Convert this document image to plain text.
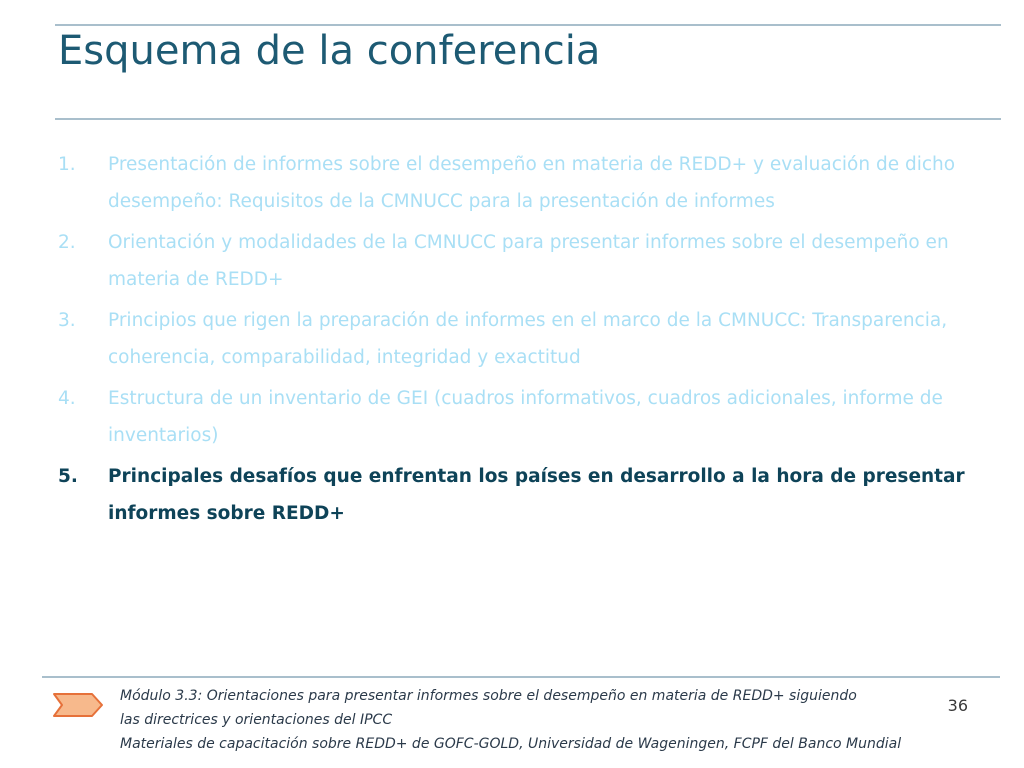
Esquema de la conferencia
1.	Presentación de informes sobre el desempeño en materia de REDD+ y evaluación de dicho desempeño: Requisitos de la CMNUCC para la presentación de informes
2.	Orientación y modalidades de la CMNUCC para presentar informes sobre el desempeño en materia de REDD+
3.	Principios que rigen la preparación de informes en el marco de la CMNUCC: Transparencia, coherencia, comparabilidad, integridad y exactitud
4.	Estructura de un inventario de GEI (cuadros informativos, cuadros adicionales, informe de inventarios)
5.	Principales desafíos que enfrentan los países en desarrollo a la hora de presentar informes sobre REDD+
Módulo 3.3: Orientaciones para presentar informes sobre el desempeño en materia de REDD+ siguiendo
las directrices y orientaciones del IPCC
Materiales de capacitación sobre REDD+ de GOFC-GOLD, Universidad de Wageningen, FCPF del Banco Mundial
36
